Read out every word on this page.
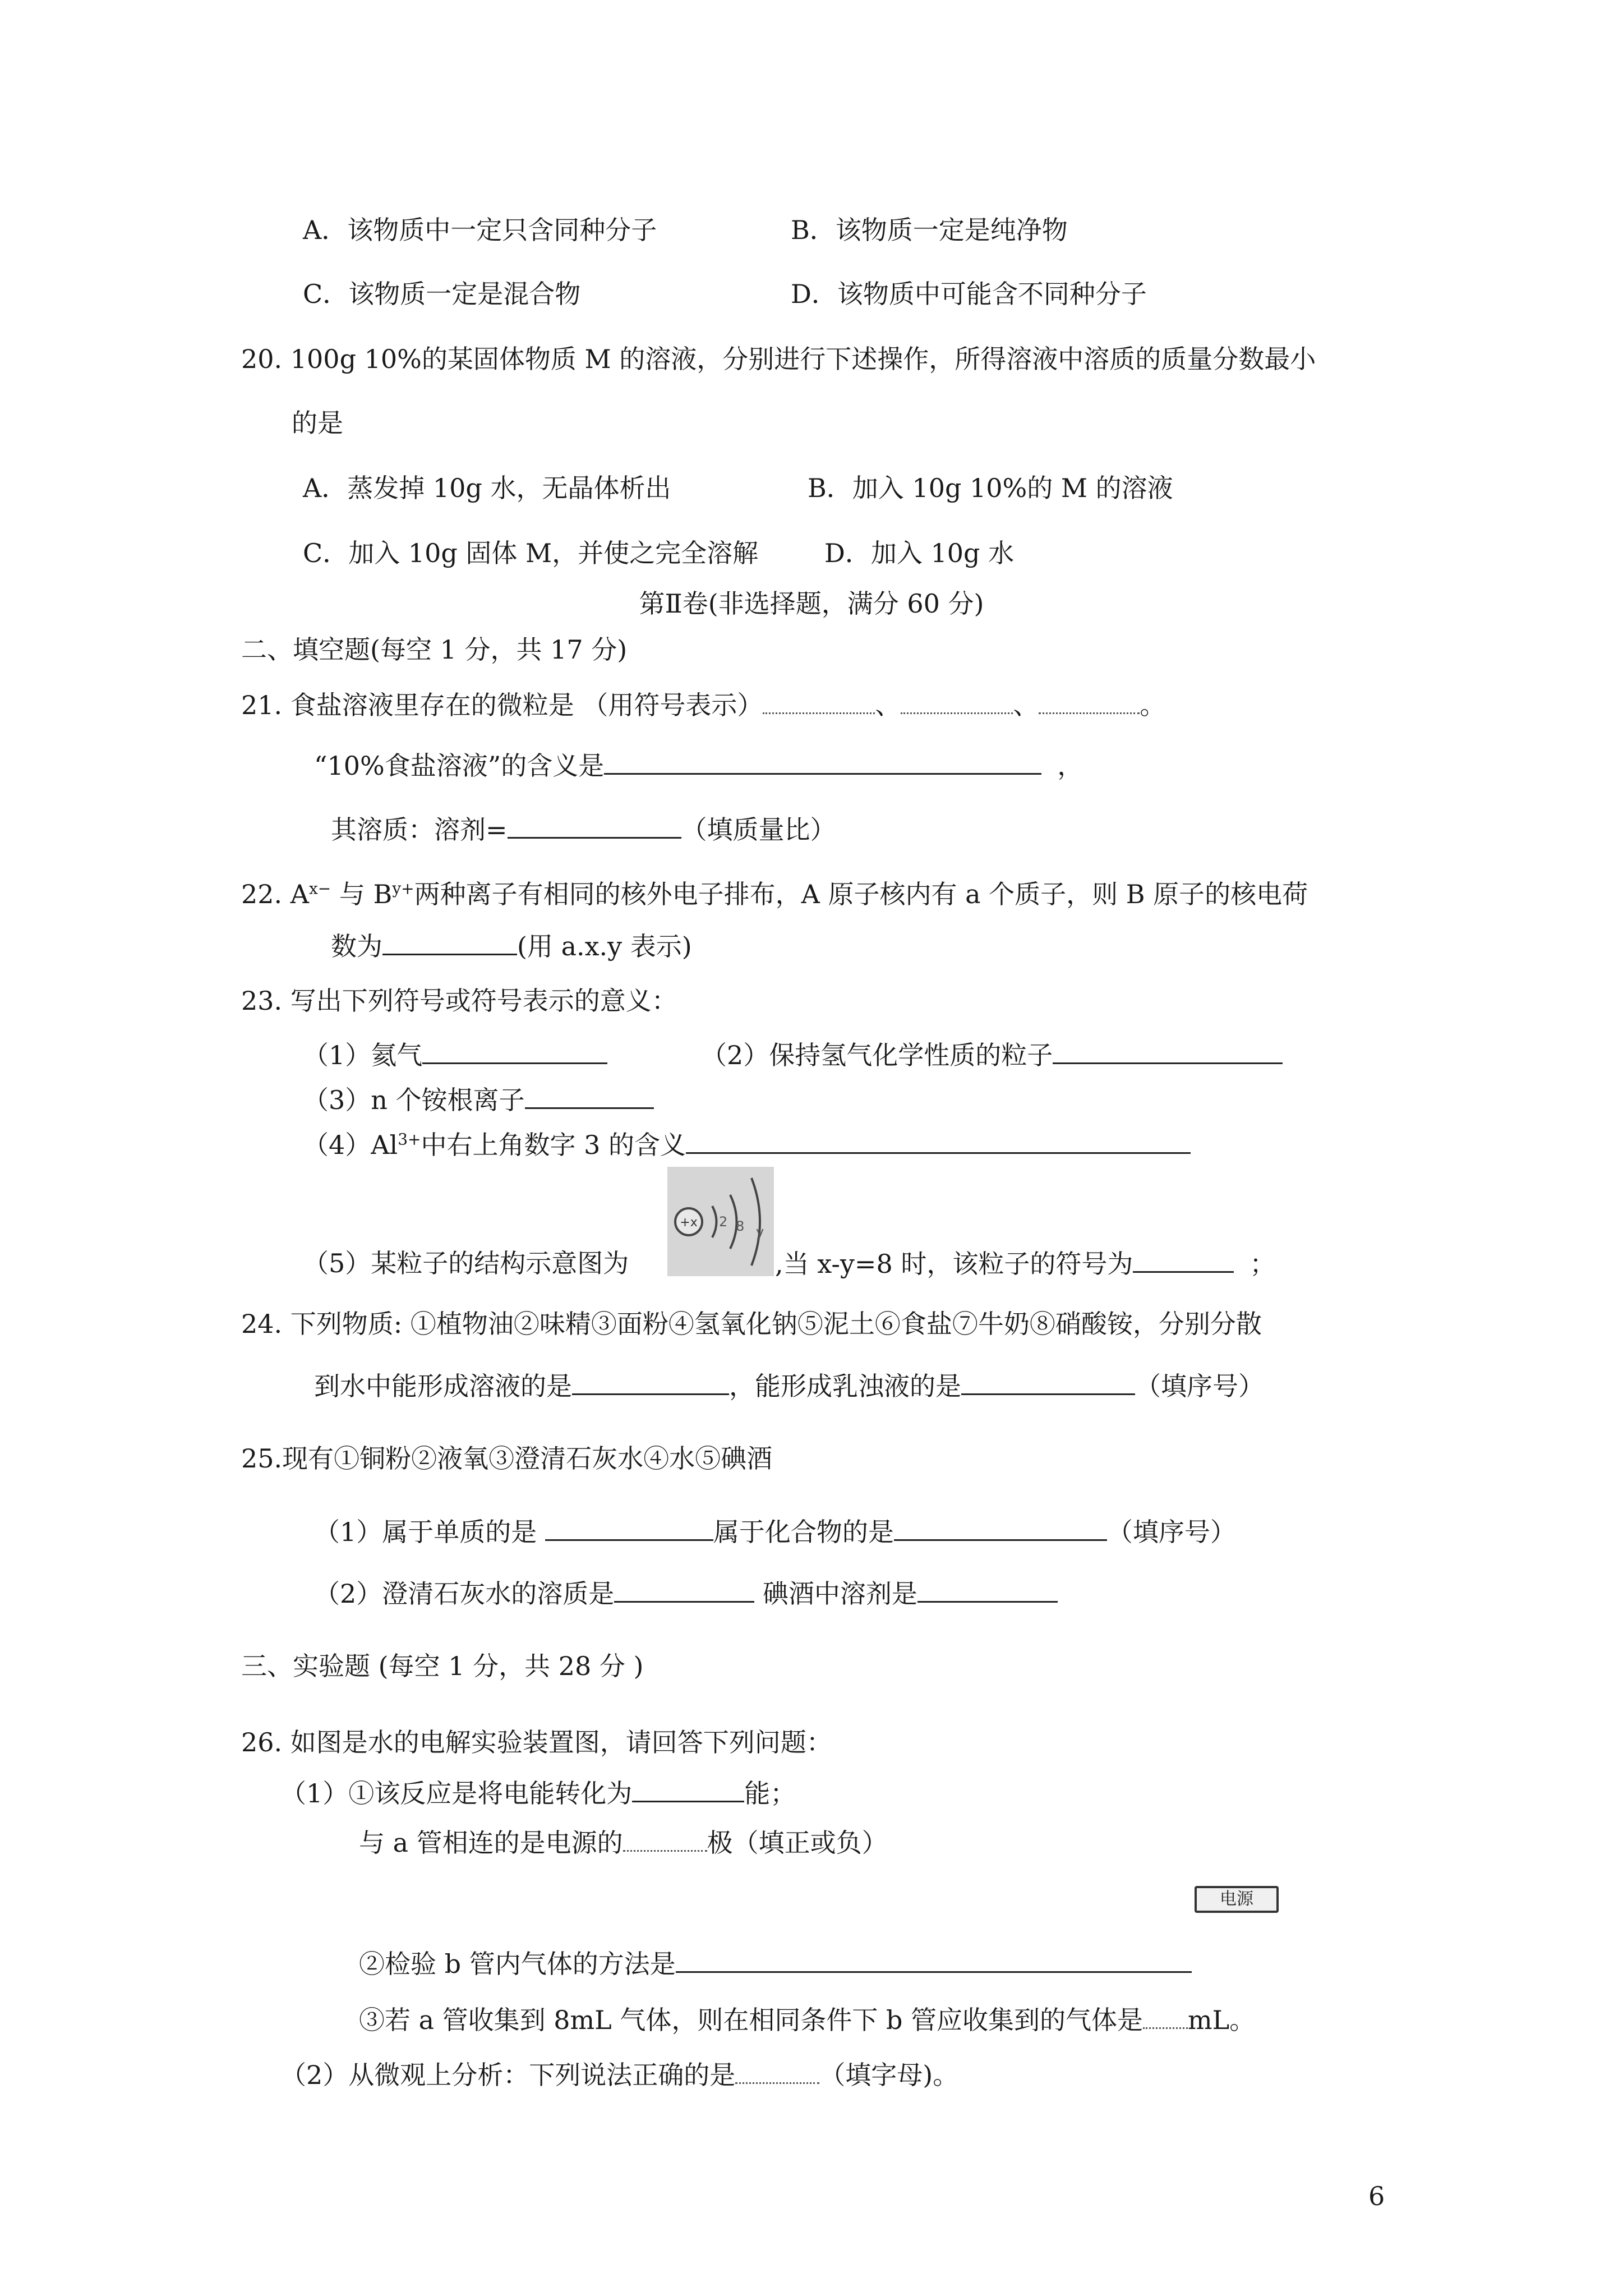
A．该物质中一定只含同种分子	B．该物质一定是纯净物
C．该物质一定是混合物	D．该物质中可能含不同种分子
20. 100g 10%的某固体物质 M 的溶液，分别进行下述操作，所得溶液中溶质的质量分数最小
的是
A．蒸发掉 10g 水，无晶体析出	B．加入 10g 10%的 M 的溶液
C．加入 10g 固体 M，并使之完全溶解	D．加入 10g 水
第Ⅱ卷(非选择题，满分 60 分)
二、填空题(每空 1 分，共 17 分)
21. 食盐溶液里存在的微粒是 （用符号表示）	、	、	。
“10%食盐溶液”的含义是	，
其溶质：溶剂=	（填质量比）
22. $A^{x-}$ 与 $B^{y+}$两种离子有相同的核外电子排布，A 原子核内有 a 个质子，则 B 原子的核电荷
数为	(用 a.x.y 表示)
23. 写出下列符号或符号表示的意义：
（1）氦气	（2）保持氢气化学性质的粒子
（3）n 个铵根离子
$(4)Al^{3+}$中右上角数字 3 的含义
+x 2 8 y
（5）某粒子的结构示意图为	,当 x-y=8 时，该粒子的符号为	；
24. 下列物质: ①植物油②味精③面粉④氢氧化钠⑤泥土⑥食盐⑦牛奶⑧硝酸铵，分别分散
到水中能形成溶液的是	，能形成乳浊液的是	（填序号）
25.现有①铜粉②液氧③澄清石灰水④水⑤碘酒
（1）属于单质的是	属于化合物的是	（填序号）
（2）澄清石灰水的溶质是	碘酒中溶剂是
三、实验题 (每空 1 分，共 28 分 )
26. 如图是水的电解实验装置图，请回答下列问题：
（1）①该反应是将电能转化为	能；
与 a 管相连的是电源的	极（填正或负）
电源
②检验 b 管内气体的方法是
③若 a 管收集到 8mL 气体，则在相同条件下 b 管应收集到的气体是 mL。
（2）从微观上分析：下列说法正确的是	（填字母)。
6
